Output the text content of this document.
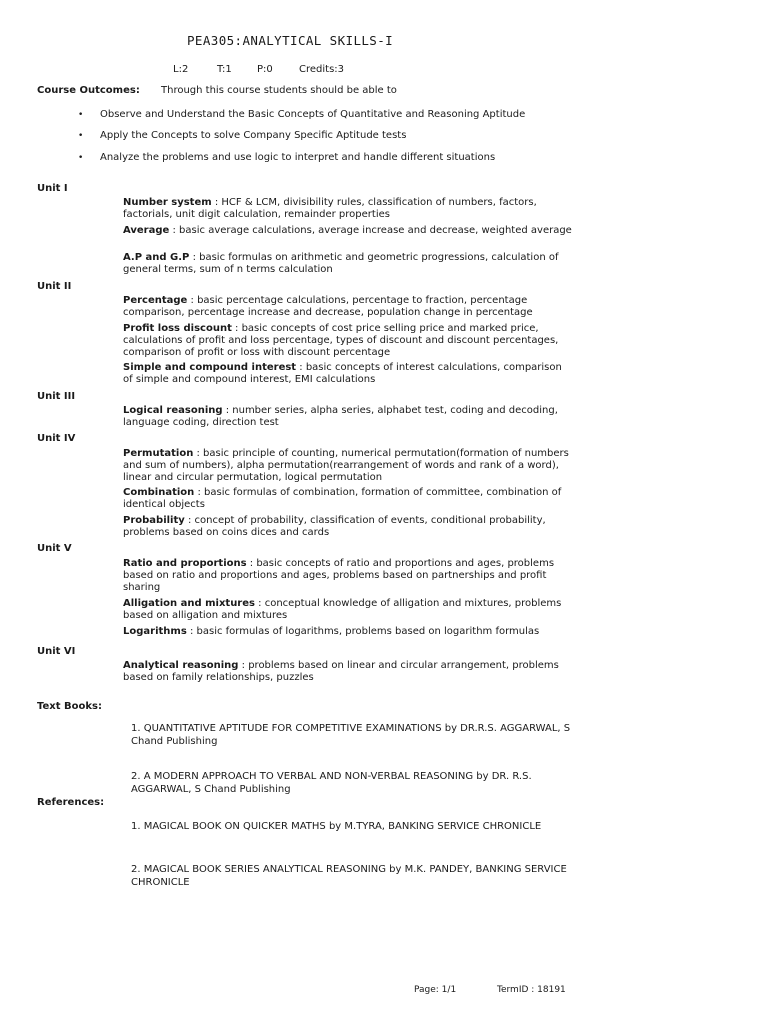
PEA305:ANALYTICAL SKILLS-I
L:2	T:1	P:0	Credits:3
Course Outcomes: Through this course students should be able to
• Observe and Understand the Basic Concepts of Quantitative and Reasoning Aptitude
• Apply the Concepts to solve Company Specific Aptitude tests
• Analyze the problems and use logic to interpret and handle different situations
Unit I
Number system : HCF & LCM, divisibility rules, classification of numbers, factors, factorials, unit digit calculation, remainder properties
Average : basic average calculations, average increase and decrease, weighted average
A.P and G.P : basic formulas on arithmetic and geometric progressions, calculation of general terms, sum of n terms calculation
Unit II
Percentage : basic percentage calculations, percentage to fraction, percentage comparison, percentage increase and decrease, population change in percentage
Profit loss discount : basic concepts of cost price selling price and marked price, calculations of profit and loss percentage, types of discount and discount percentages, comparison of profit or loss with discount percentage
Simple and compound interest : basic concepts of interest calculations, comparison of simple and compound interest, EMI calculations
Unit III
Logical reasoning : number series, alpha series, alphabet test, coding and decoding, language coding, direction test
Unit IV
Permutation : basic principle of counting, numerical permutation(formation of numbers and sum of numbers), alpha permutation(rearrangement of words and rank of a word), linear and circular permutation, logical permutation
Combination : basic formulas of combination, formation of committee, combination of identical objects
Probability : concept of probability, classification of events, conditional probability, problems based on coins dices and cards
Unit V
Ratio and proportions : basic concepts of ratio and proportions and ages, problems based on ratio and proportions and ages, problems based on partnerships and profit sharing
Alligation and mixtures : conceptual knowledge of alligation and mixtures, problems based on alligation and mixtures
Logarithms : basic formulas of logarithms, problems based on logarithm formulas
Unit VI
Analytical reasoning : problems based on linear and circular arrangement, problems based on family relationships, puzzles
Text Books:
1. QUANTITATIVE APTITUDE FOR COMPETITIVE EXAMINATIONS by DR.R.S. AGGARWAL, S Chand Publishing
2. A MODERN APPROACH TO VERBAL AND NON-VERBAL REASONING by DR. R.S. AGGARWAL, S Chand Publishing
References:
1. MAGICAL BOOK ON QUICKER MATHS by M.TYRA, BANKING SERVICE CHRONICLE
2. MAGICAL BOOK SERIES ANALYTICAL REASONING by M.K. PANDEY, BANKING SERVICE CHRONICLE
Page: 1/1	TermID : 18191
